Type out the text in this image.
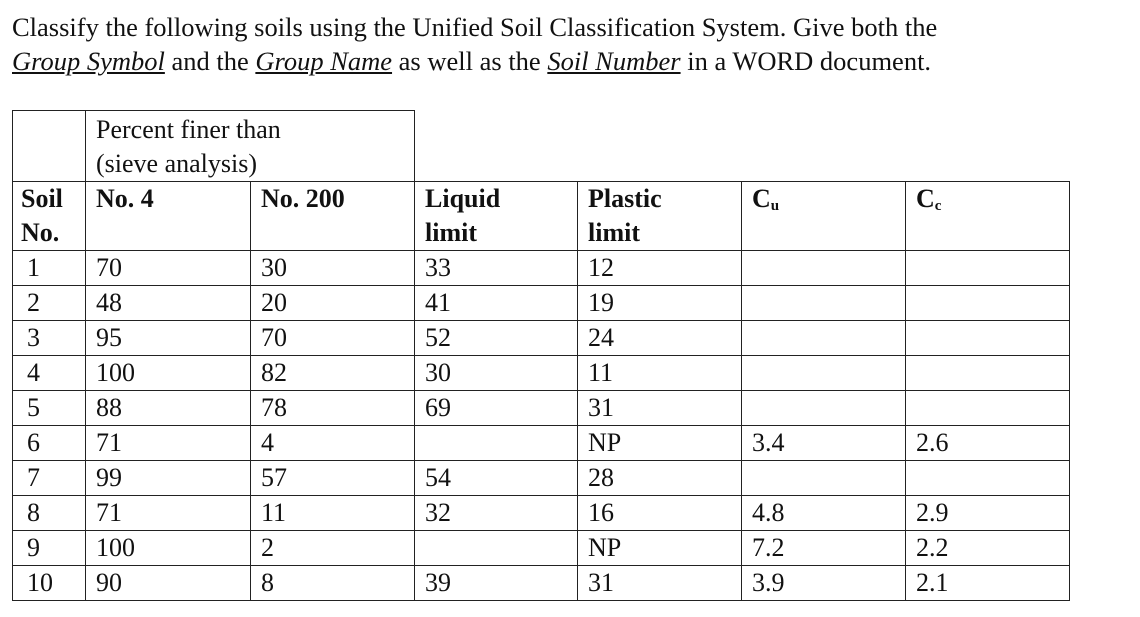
Classify the following soils using the Unified Soil Classification System. Give both the
Group Symbol and the Group Name as well as the Soil Number in a WORD document.

	Percent finer than
(sieve analysis)					
Soil
No.	No. 4	No. 200	Liquid
limit	Plastic
limit	$C_u$	$C_c$
1	70	30	33	12		
2	48	20	41	19		
3	95	70	52	24		
4	100	82	30	11		
5	88	78	69	31		
6	71	4		NP	3.4	2.6
7	99	57	54	28		
8	71	11	32	16	4.8	2.9
9	100	2		NP	7.2	2.2
10	90	8	39	31	3.9	2.1
